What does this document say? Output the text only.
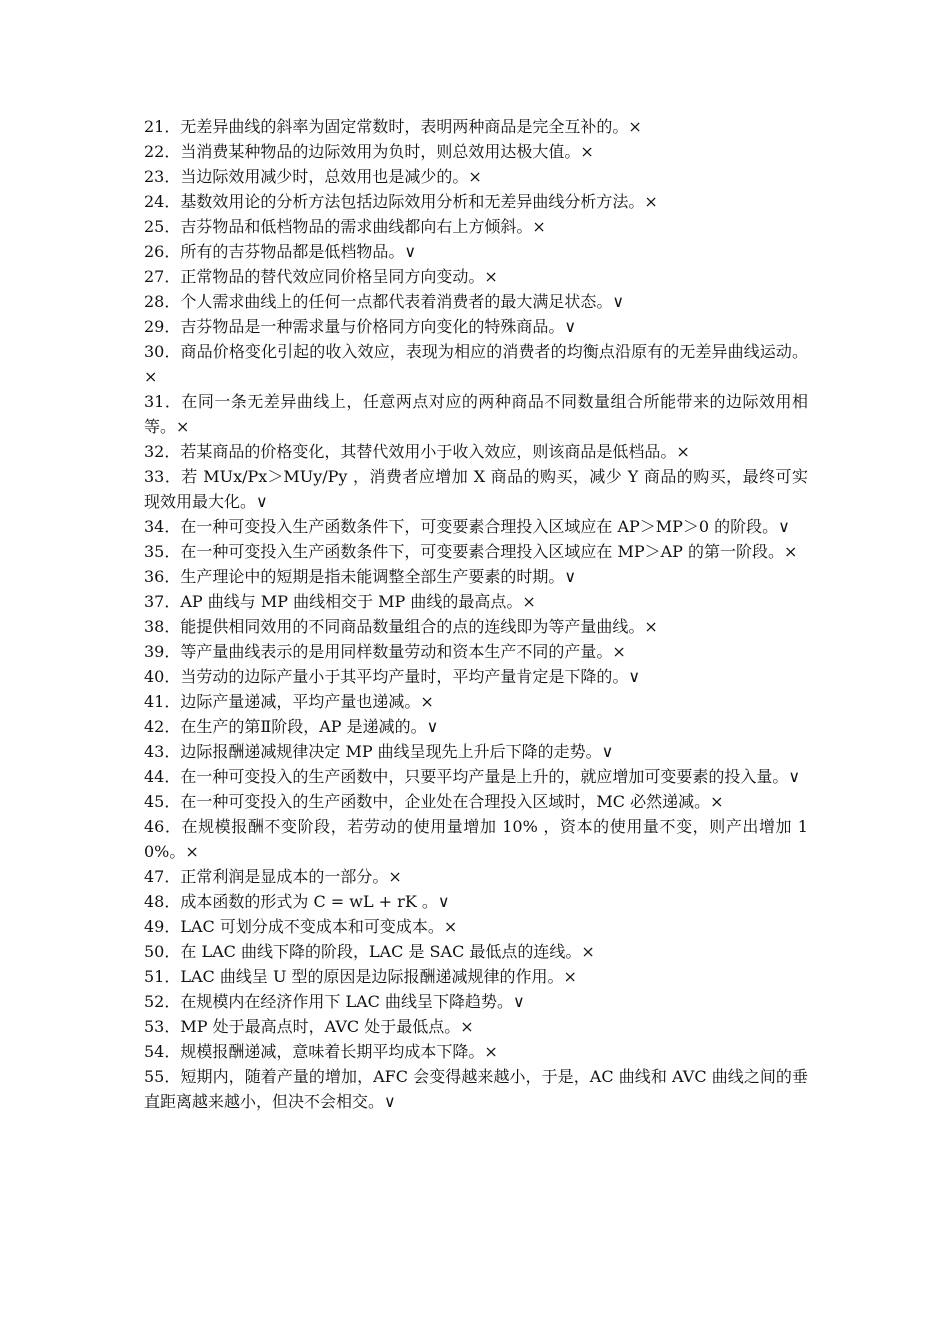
21．无差异曲线的斜率为固定常数时，表明两种商品是完全互补的。×

22．当消费某种物品的边际效用为负时，则总效用达极大值。×

23．当边际效用减少时，总效用也是减少的。×

24．基数效用论的分析方法包括边际效用分析和无差异曲线分析方法。×

25．吉芬物品和低档物品的需求曲线都向右上方倾斜。×

26．所有的吉芬物品都是低档物品。∨

27．正常物品的替代效应同价格呈同方向变动。×

28．个人需求曲线上的任何一点都代表着消费者的最大满足状态。∨

29．吉芬物品是一种需求量与价格同方向变化的特殊商品。∨

30．商品价格变化引起的收入效应，表现为相应的消费者的均衡点沿原有的无差异曲线运动。×

31．在同一条无差异曲线上，任意两点对应的两种商品不同数量组合所能带来的边际效用相等。×

32．若某商品的价格变化，其替代效用小于收入效应，则该商品是低档品。×

33．若 MUx/Px＞MUy/Py ，消费者应增加 X 商品的购买，减少 Y 商品的购买，最终可实现效用最大化。∨

34．在一种可变投入生产函数条件下，可变要素合理投入区域应在 AP＞MP＞0 的阶段。∨

35．在一种可变投入生产函数条件下，可变要素合理投入区域应在 MP＞AP 的第一阶段。×

36．生产理论中的短期是指未能调整全部生产要素的时期。∨

37．AP 曲线与 MP 曲线相交于 MP 曲线的最高点。×

38．能提供相同效用的不同商品数量组合的点的连线即为等产量曲线。×

39．等产量曲线表示的是用同样数量劳动和资本生产不同的产量。×

40．当劳动的边际产量小于其平均产量时，平均产量肯定是下降的。∨

41．边际产量递减，平均产量也递减。×

42．在生产的第Ⅱ阶段，AP 是递减的。∨

43．边际报酬递减规律决定 MP 曲线呈现先上升后下降的走势。∨

44．在一种可变投入的生产函数中，只要平均产量是上升的，就应增加可变要素的投入量。∨

45．在一种可变投入的生产函数中，企业处在合理投入区域时，MC 必然递减。×

46．在规模报酬不变阶段，若劳动的使用量增加 10% ，资本的使用量不变，则产出增加 10%。×

47．正常利润是显成本的一部分。×

48．成本函数的形式为 C = wL + rK 。∨

49．LAC 可划分成不变成本和可变成本。×

50．在 LAC 曲线下降的阶段，LAC 是 SAC 最低点的连线。×

51．LAC 曲线呈 U 型的原因是边际报酬递减规律的作用。×

52．在规模内在经济作用下 LAC 曲线呈下降趋势。∨

53．MP 处于最高点时，AVC 处于最低点。×

54．规模报酬递减，意味着长期平均成本下降。×

55．短期内，随着产量的增加，AFC 会变得越来越小，于是，AC 曲线和 AVC 曲线之间的垂直距离越来越小，但决不会相交。∨
